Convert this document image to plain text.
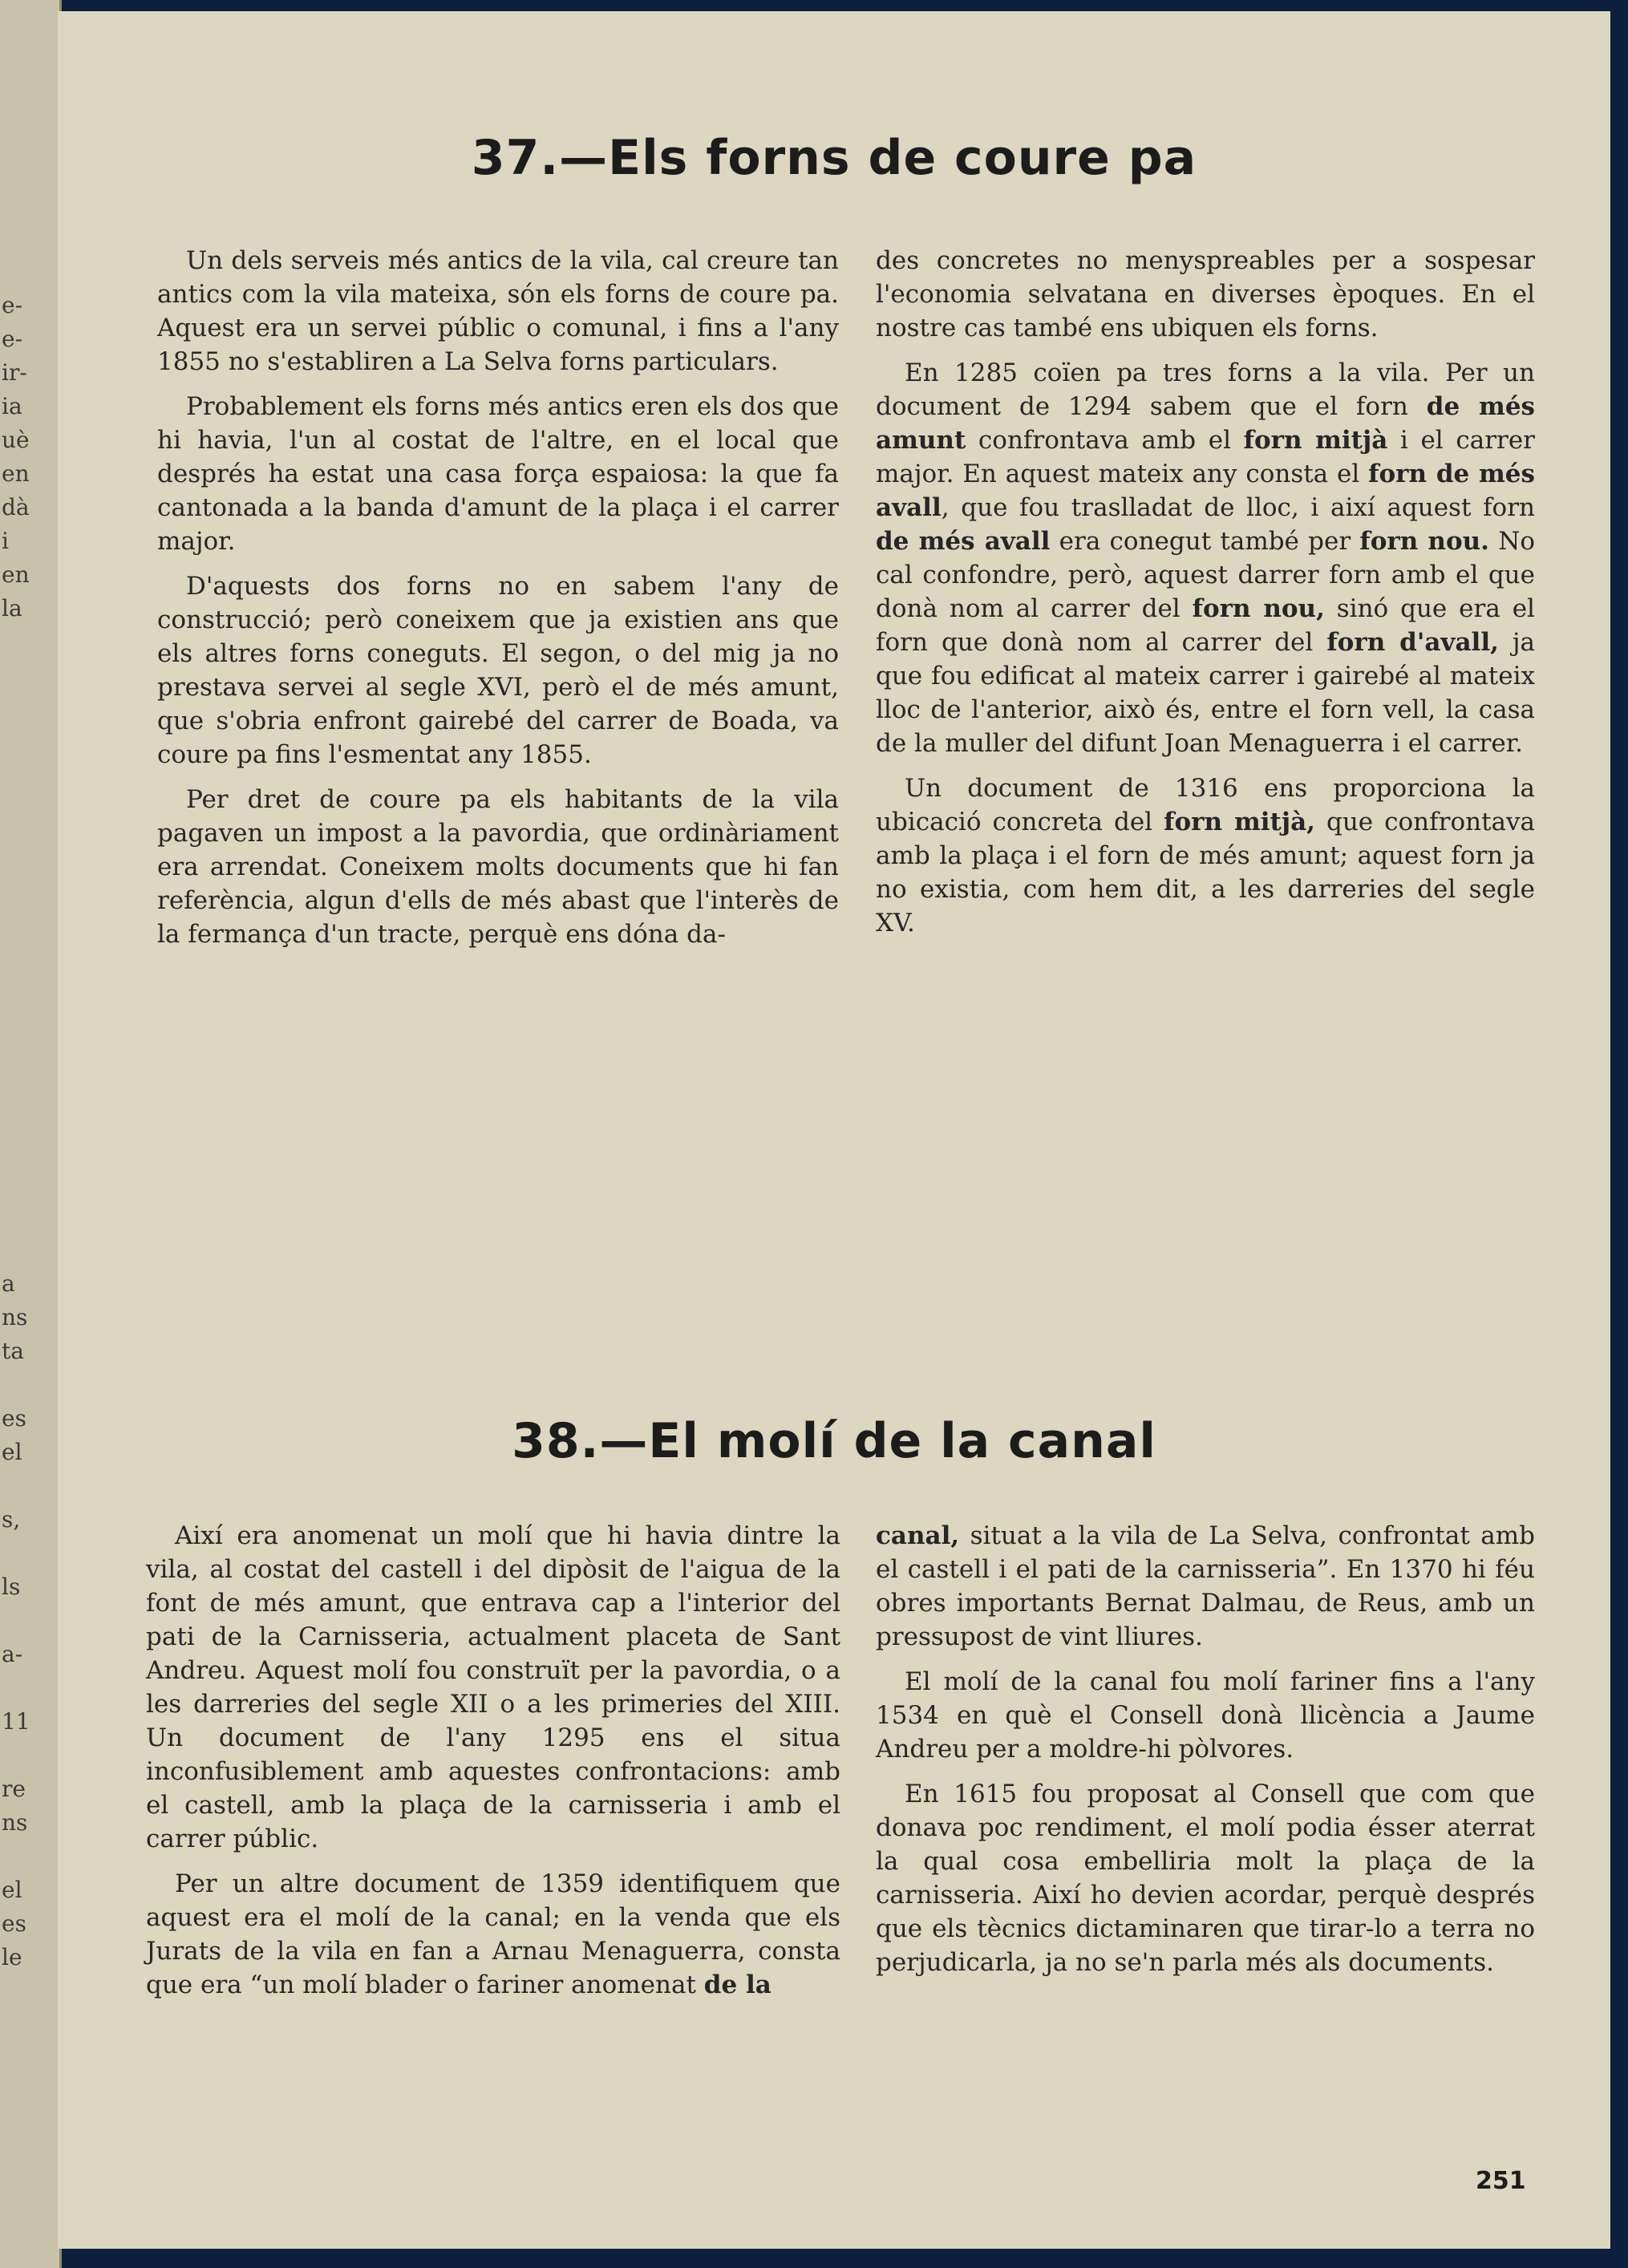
e-
e-
ir-
ia
uè
en
dà
i
en
la
a
ns
ta
es
el
s,
ls
a-
11
re
ns
el
es
le
37.—Els forns de coure pa

Un dels serveis més antics de la vila, cal creure tan antics com la vila mateixa, són els forns de coure pa. Aquest era un servei públic o comunal, i fins a l'any 1855 no s'establiren a La Selva forns particulars.

Probablement els forns més antics eren els dos que hi havia, l'un al costat de l'altre, en el local que després ha estat una casa força espaiosa: la que fa cantonada a la banda d'amunt de la plaça i el carrer major.

D'aquests dos forns no en sabem l'any de construcció; però coneixem que ja existien ans que els altres forns coneguts. El segon, o del mig ja no prestava servei al segle XVI, però el de més amunt, que s'obria enfront gairebé del carrer de Boada, va coure pa fins l'esmentat any 1855.

Per dret de coure pa els habitants de la vila pagaven un impost a la pavordia, que ordinàriament era arrendat. Coneixem molts documents que hi fan referència, algun d'ells de més abast que l'interès de la fermança d'un tracte, perquè ens dóna da-

des concretes no menyspreables per a sospesar l'economia selvatana en diverses èpoques. En el nostre cas també ens ubiquen els forns.

En 1285 coïen pa tres forns a la vila. Per un document de 1294 sabem que el forn de més amunt confrontava amb el forn mitjà i el carrer major. En aquest mateix any consta el forn de més avall, que fou traslladat de lloc, i així aquest forn de més avall era conegut també per forn nou. No cal confondre, però, aquest darrer forn amb el que donà nom al carrer del forn nou, sinó que era el forn que donà nom al carrer del forn d'avall, ja que fou edificat al mateix carrer i gairebé al mateix lloc de l'anterior, això és, entre el forn vell, la casa de la muller del difunt Joan Menaguerra i el carrer.

Un document de 1316 ens proporciona la ubicació concreta del forn mitjà, que confrontava amb la plaça i el forn de més amunt; aquest forn ja no existia, com hem dit, a les darreries del segle XV.

38.—El molí de la canal

Així era anomenat un molí que hi havia dintre la vila, al costat del castell i del dipòsit de l'aigua de la font de més amunt, que entrava cap a l'interior del pati de la Carnisseria, actualment placeta de Sant Andreu. Aquest molí fou construït per la pavordia, o a les darreries del segle XII o a les primeries del XIII. Un document de l'any 1295 ens el situa inconfusiblement amb aquestes confrontacions: amb el castell, amb la plaça de la carnisseria i amb el carrer públic.

Per un altre document de 1359 identifiquem que aquest era el molí de la canal; en la venda que els Jurats de la vila en fan a Arnau Menaguerra, consta que era “un molí blader o fariner anomenat de la

canal, situat a la vila de La Selva, confrontat amb el castell i el pati de la carnisseria”. En 1370 hi féu obres importants Bernat Dalmau, de Reus, amb un pressupost de vint lliures.

El molí de la canal fou molí fariner fins a l'any 1534 en què el Consell donà llicència a Jaume Andreu per a moldre-hi pòlvores.

En 1615 fou proposat al Consell que com que donava poc rendiment, el molí podia ésser aterrat la qual cosa embelliria molt la plaça de la carnisseria. Així ho devien acordar, perquè després que els tècnics dictaminaren que tirar-lo a terra no perjudicarla, ja no se'n parla més als documents.

251
